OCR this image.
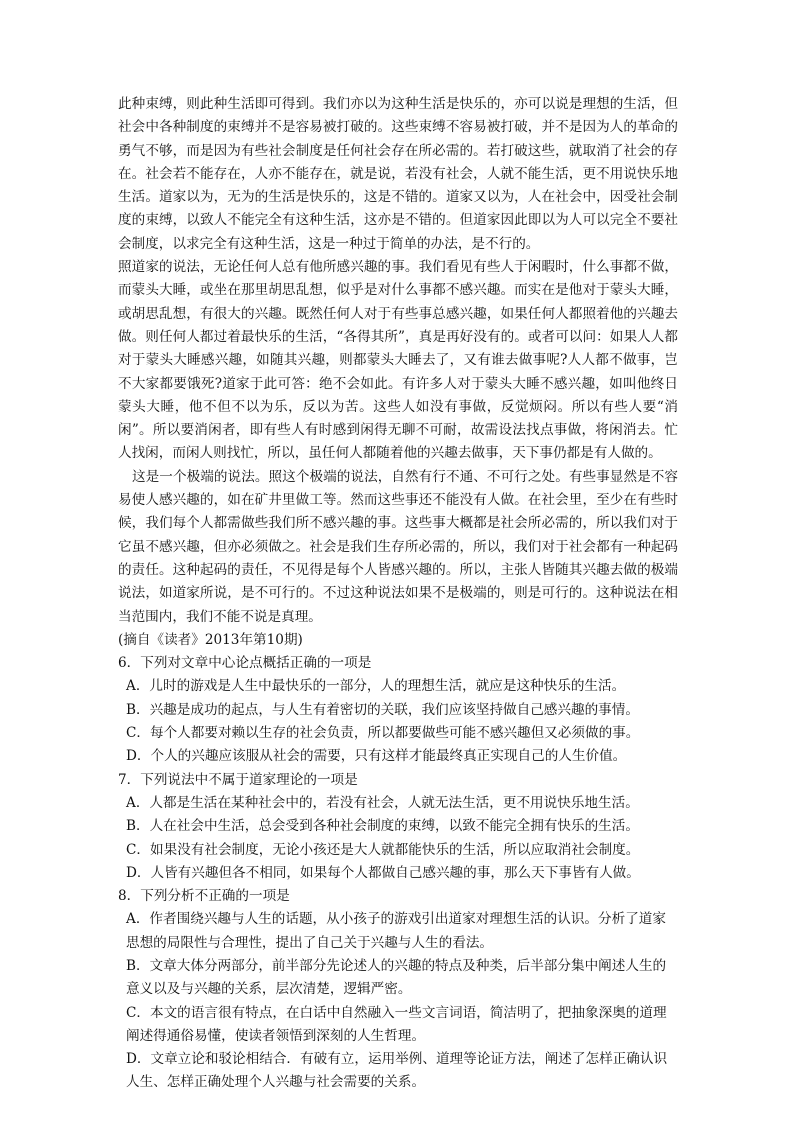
此种束缚，则此种生活即可得到。我们亦以为这种生活是快乐的，亦可以说是理想的生活，但社会中各种制度的束缚并不是容易被打破的。这些束缚不容易被打破，并不是因为人的革命的勇气不够，而是因为有些社会制度是任何社会存在所必需的。若打破这些，就取消了社会的存在。社会若不能存在，人亦不能存在，就是说，若没有社会，人就不能生活，更不用说快乐地生活。道家以为，无为的生活是快乐的，这是不错的。道家又以为，人在社会中，因受社会制度的束缚，以致人不能完全有这种生活，这亦是不错的。但道家因此即以为人可以完全不要社会制度，以求完全有这种生活，这是一种过于简单的办法，是不行的。

照道家的说法，无论任何人总有他所感兴趣的事。我们看见有些人于闲暇时，什么事都不做，而蒙头大睡，或坐在那里胡思乱想，似乎是对什么事都不感兴趣。而实在是他对于蒙头大睡，或胡思乱想，有很大的兴趣。既然任何人对于有些事总感兴趣，如果任何人都照着他的兴趣去做。则任何人都过着最快乐的生活，“各得其所”，真是再好没有的。或者可以问：如果人人都对于蒙头大睡感兴趣，如随其兴趣，则都蒙头大睡去了，又有谁去做事呢?人人都不做事，岂不大家都要饿死?道家于此可答：绝不会如此。有许多人对于蒙头大睡不感兴趣，如叫他终日蒙头大睡，他不但不以为乐，反以为苦。这些人如没有事做，反觉烦闷。所以有些人要“消闲”。所以要消闲者，即有些人有时感到闲得无聊不可耐，故需设法找点事做，将闲消去。忙人找闲，而闲人则找忙，所以，虽任何人都随着他的兴趣去做事，天下事仍都是有人做的。

这是一个极端的说法。照这个极端的说法，自然有行不通、不可行之处。有些事显然是不容易使人感兴趣的，如在矿井里做工等。然而这些事还不能没有人做。在社会里，至少在有些时候，我们每个人都需做些我们所不感兴趣的事。这些事大概都是社会所必需的，所以我们对于它虽不感兴趣，但亦必须做之。社会是我们生存所必需的，所以，我们对于社会都有一种起码的责任。这种起码的责任，不见得是每个人皆感兴趣的。所以，主张人皆随其兴趣去做的极端说法，如道家所说，是不可行的。不过这种说法如果不是极端的，则是可行的。这种说法在相当范围内，我们不能不说是真理。

(摘自《读者》2013年第10期)

6．下列对文章中心论点概括正确的一项是

A．儿时的游戏是人生中最快乐的一部分，人的理想生活，就应是这种快乐的生活。

B．兴趣是成功的起点，与人生有着密切的关联，我们应该坚持做自己感兴趣的事情。

C．每个人都要对赖以生存的社会负责，所以都要做些可能不感兴趣但又必须做的事。

D．个人的兴趣应该服从社会的需要，只有这样才能最终真正实现自己的人生价值。

7．下列说法中不属于道家理论的一项是

A．人都是生活在某种社会中的，若没有社会，人就无法生活，更不用说快乐地生活。

B．人在社会中生活，总会受到各种社会制度的束缚，以致不能完全拥有快乐的生活。

C．如果没有社会制度，无论小孩还是大人就都能快乐的生活，所以应取消社会制度。

D．人皆有兴趣但各不相同，如果每个人都做自己感兴趣的事，那么天下事皆有人做。

8．下列分析不正确的一项是

A．作者围绕兴趣与人生的话题，从小孩子的游戏引出道家对理想生活的认识。分析了道家思想的局限性与合理性，提出了自己关于兴趣与人生的看法。

B．文章大体分两部分，前半部分先论述人的兴趣的特点及种类，后半部分集中阐述人生的意义以及与兴趣的关系，层次清楚，逻辑严密。

C．本文的语言很有特点，在白话中自然融入一些文言词语，简洁明了，把抽象深奥的道理阐述得通俗易懂，使读者领悟到深刻的人生哲理。

D．文章立论和驳论相结合．有破有立，运用举例、道理等论证方法，阐述了怎样正确认识人生、怎样正确处理个人兴趣与社会需要的关系。
